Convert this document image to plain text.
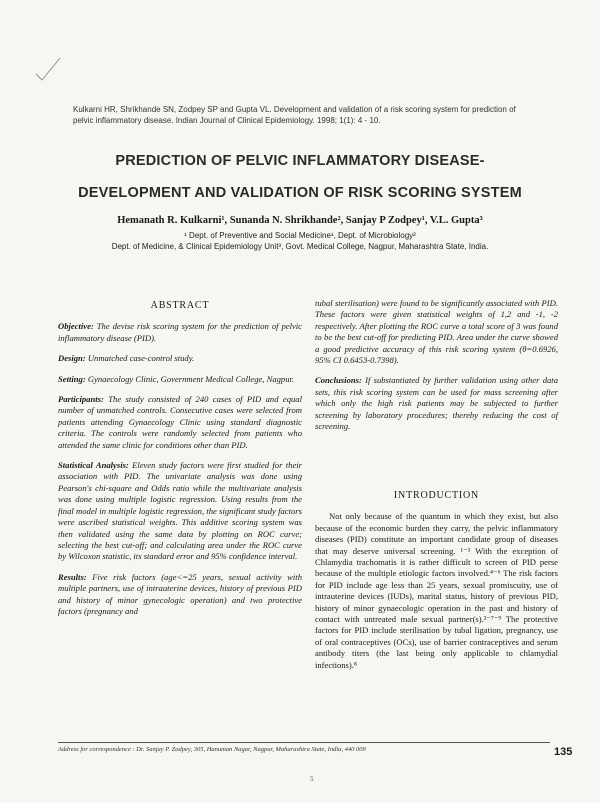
Kulkarni HR, Shrikhande SN, Zodpey SP and Gupta VL. Development and validation of a risk scoring system for prediction of pelvic inflammatory disease. Indian Journal of Clinical Epidemiology. 1998; 1(1): 4 - 10.
PREDICTION OF PELVIC INFLAMMATORY DISEASE-
DEVELOPMENT AND VALIDATION OF RISK SCORING SYSTEM
Hemanath R. Kulkarni¹, Sunanda N. Shrikhande², Sanjay P Zodpey¹, V.L. Gupta³
¹ Dept. of Preventive and Social Medicine¹, Dept. of Microbiology²
Dept. of Medicine, & Clinical Epidemiology Unit³, Govt. Medical College, Nagpur, Maharashtra State, India.
ABSTRACT

Objective: The devise risk scoring system for the prediction of pelvic inflammatory disease (PID).

Design: Unmatched case-control study.

Setting: Gynaecology Clinic, Government Medical College, Nagpur.

Participants: The study consisted of 240 cases of PID and equal number of unmatched controls. Consecutive cases were selected from patients attending Gynaecology Clinic using standard diagnostic criteria. The controls were randomly selected from patients who attended the same clinic for conditions other than PID.

Statistical Analysis: Eleven study factors were first studied for their association with PID. The univariate analysis was done using Pearson's chi-square and Odds ratio while the multivariate analysis was done using multiple logistic regression. Using results from the final model in multiple logistic regression, the significant study factors were ascribed statistical weights. This additive scoring system was then validated using the same data by plotting on ROC curve; selecting the best cut-off; and calculating area under the ROC curve by Wilcoxon statistic, its standard error and 95% confidence interval.

Results: Five risk factors (age<=25 years, sexual activity with multiple partners, use of intrauterine devices, history of previous PID and history of minor gynecologic operation) and two protective factors (pregnancy and

tubal sterilisation) were found to be significantly associated with PID. These factors were given statistical weights of 1,2 and -1, -2 respectively. After plotting the ROC curve a total score of 3 was found to be the best cut-off for predicting PID. Area under the curve showed a good predictive accuracy of this risk scoring system (θ=0.6926, 95% CI 0.6453-0.7398).

Conclusions: If substantiated by further validation using other data sets, this risk scoring system can be used for mass screening after which only the high risk patients may be subjected to further screening by laboratory procedures; thereby reducing the cost of screening.

INTRODUCTION

Not only because of the quantum in which they exist, but also because of the economic burden they carry, the pelvic inflammatory diseases (PID) constitute an important candidate group of diseases that may deserve universal screening. ¹⁻³ With the exception of Chlamydia trachomatis it is rather difficult to screen of PID perse because of the multiple etiologic factors involved.⁴⁻⁶ The risk factors for PID include age less than 25 years, sexual promiscuity, use of intrauterine devices (IUDs), marital status, history of previous PID, history of minor gynaecologic operation in the past and history of contact with untreated male sexual partner(s).²⁻⁷⁻⁹ The protective factors for PID include sterilisation by tubal ligation, pregnancy, use of oral contraceptives (OCs), use of barrier contraceptives and serum antibody titers (the last being only applicable to chlamydial infections).⁸

Address for correspondence : Dr. Sanjay P. Zodpey, 305, Hanuman Nagar, Nagpur, Maharashtra State, India, 440 009	135
5
